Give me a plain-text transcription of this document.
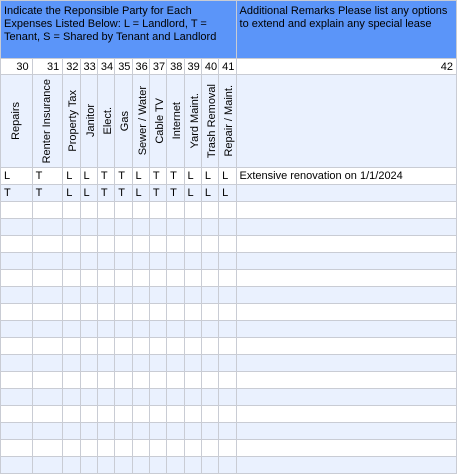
Indicate the Reponsible Party for Each Expenses Listed Below: L = Landlord, T = Tenant, S = Shared by Tenant and Landlord												Additional Remarks Please list any options to extend and explain any special lease
30	31	32	33	34	35	36	37	38	39	40	41	42

Repairs	Renter Insurance	Property Tax	Janitor	Elect.	Gas	Sewer / Water	Cable TV	Internet	Yard Maint.	Trash Removal	Repair / Maint.	

L	T	L	L	T	T	L	T	T	L	L	L	Extensive renovation on 1/1/2024
T	T	L	L	T	T	L	T	T	L	L	L	
